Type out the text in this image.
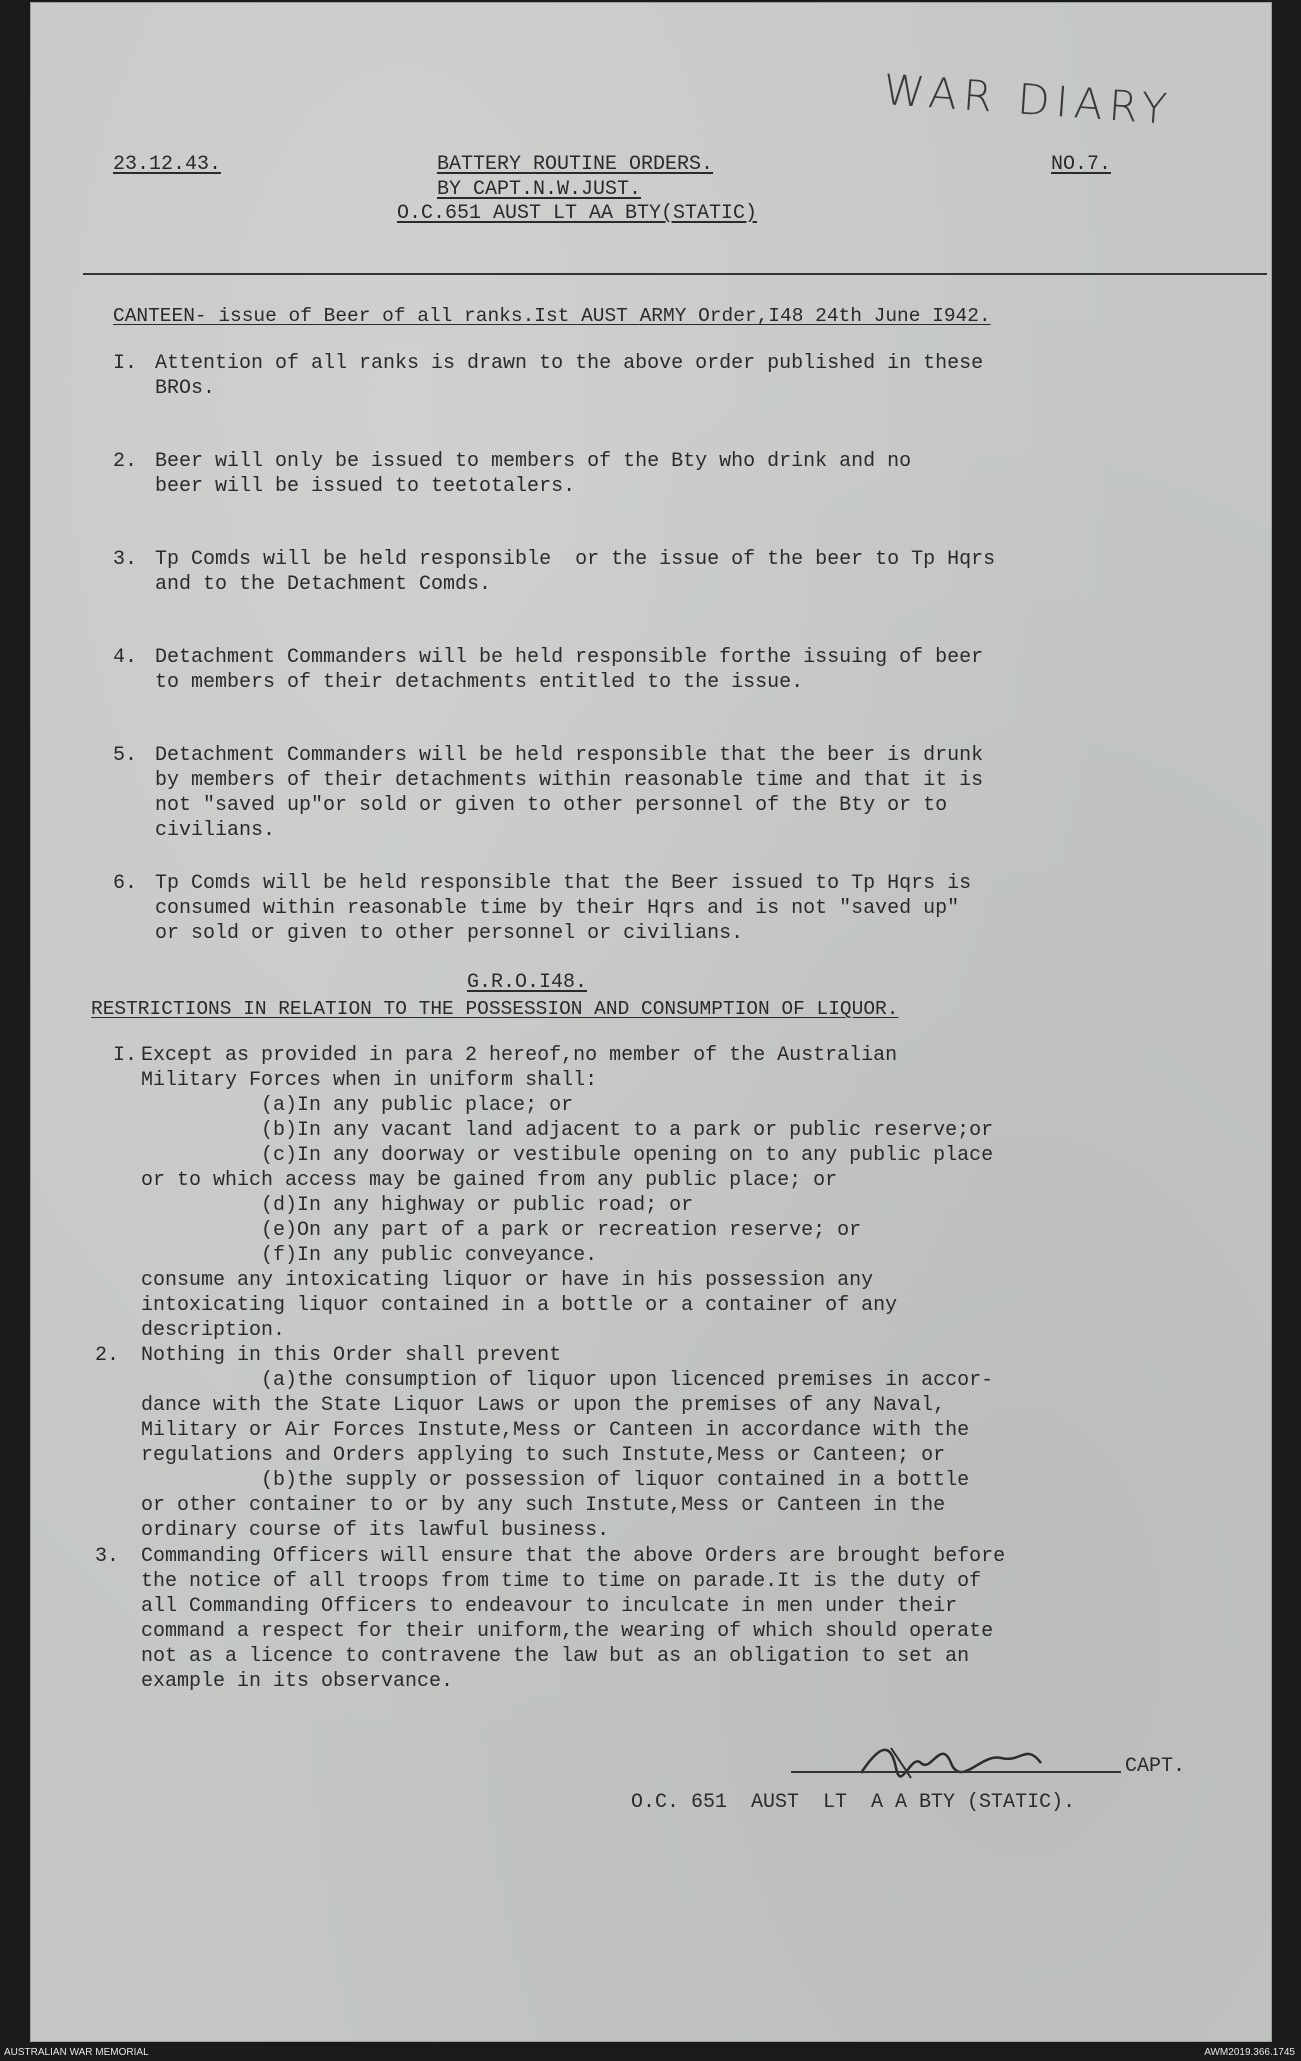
WAR DIARY
23.12.43.	BATTERY ROUTINE ORDERS.
BY CAPT.N.W.JUST.
O.C.651 AUST LT AA BTY(STATIC)
NO.7.
CANTEEN- issue of Beer of all ranks.Ist AUST ARMY Order,I48 24th June I942.
I. Attention of all ranks is drawn to the above order published in these
BROs.
2. Beer will only be issued to members of the Bty who drink and no
beer will be issued to teetotalers.
3. Tp Comds will be held responsible  or the issue of the beer to Tp Hqrs
and to the Detachment Comds.
4. Detachment Commanders will be held responsible forthe issuing of beer
to members of their detachments entitled to the issue.
5. Detachment Commanders will be held responsible that the beer is drunk
by members of their detachments within reasonable time and that it is
not "saved up"or sold or given to other personnel of the Bty or to
civilians.
6. Tp Comds will be held responsible that the Beer issued to Tp Hqrs is
consumed within reasonable time by their Hqrs and is not "saved up"
or sold or given to other personnel or civilians.
G.R.O.I48.
RESTRICTIONS IN RELATION TO THE POSSESSION AND CONSUMPTION OF LIQUOR.
I. Except as provided in para 2 hereof,no member of the Australian
Military Forces when in uniform shall:
(a)In any public place; or
(b)In any vacant land adjacent to a park or public reserve;or
(c)In any doorway or vestibule opening on to any public place
or to which access may be gained from any public place; or
(d)In any highway or public road; or
(e)On any part of a park or recreation reserve; or
(f)In any public conveyance.
consume any intoxicating liquor or have in his possession any
intoxicating liquor contained in a bottle or a container of any
description.
2. Nothing in this Order shall prevent
(a)the consumption of liquor upon licenced premises in accor-
dance with the State Liquor Laws or upon the premises of any Naval,
Military or Air Forces Instute,Mess or Canteen in accordance with the
regulations and Orders applying to such Instute,Mess or Canteen; or
(b)the supply or possession of liquor contained in a bottle
or other container to or by any such Instute,Mess or Canteen in the
ordinary course of its lawful business.
3. Commanding Officers will ensure that the above Orders are brought before
the notice of all troops from time to time on parade.It is the duty of
all Commanding Officers to endeavour to inculcate in men under their
command a respect for their uniform,the wearing of which should operate
not as a licence to contravene the law but as an obligation to set an
example in its observance.
CAPT.
O.C. 651  AUST  LT  A A BTY (STATIC).
AUSTRALIAN WAR MEMORIAL	AWM2019.366.1745
